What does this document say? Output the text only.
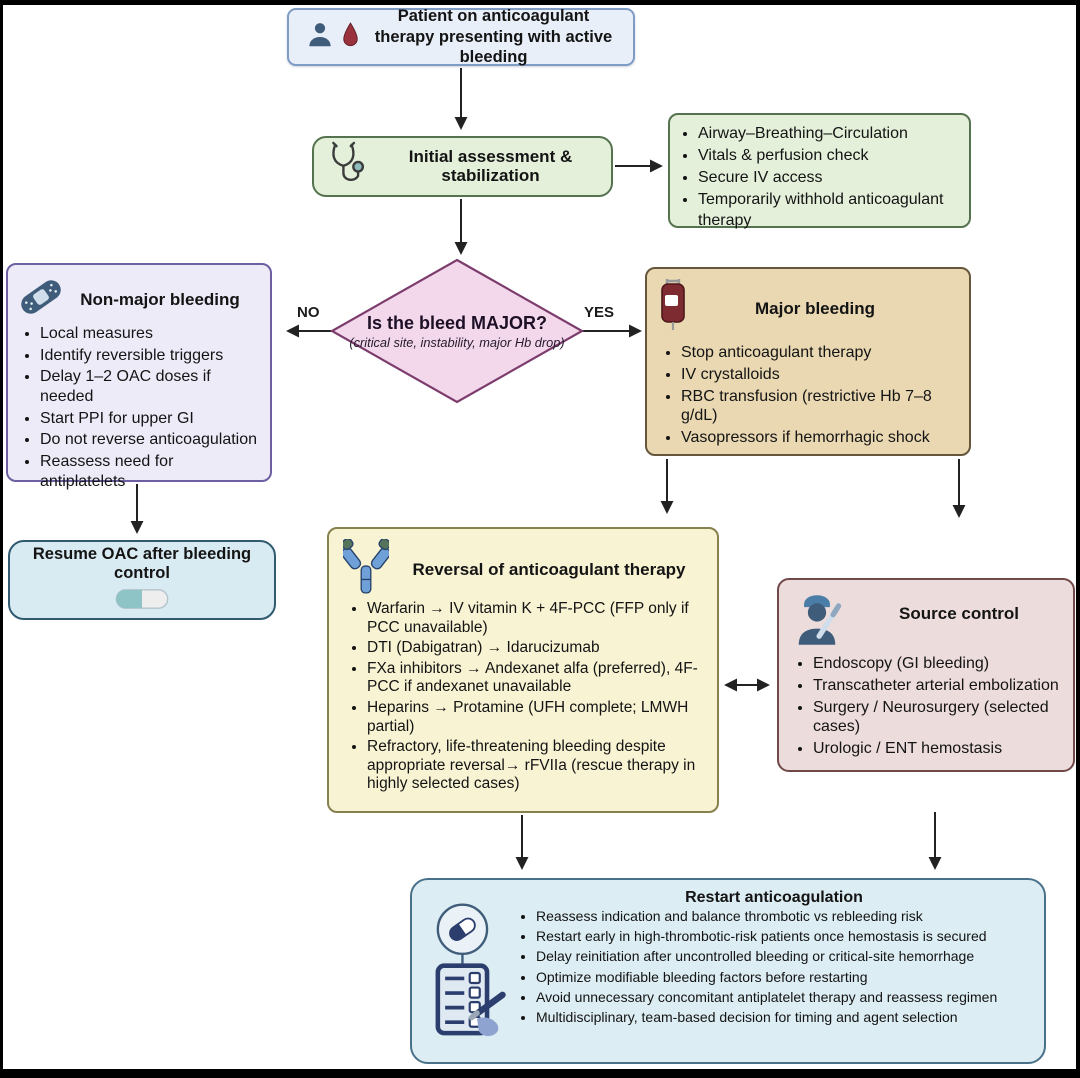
Patient on anticoagulant therapy presenting with active bleeding
Initial assessment & stabilization
• Airway–Breathing–Circulation
• Vitals & perfusion check
• Secure IV access
• Temporarily withhold anticoagulant therapy
Is the bleed MAJOR?
(critical site, instability, major Hb drop)
NO	YES
Non-major bleeding
• Local measures
• Identify reversible triggers
• Delay 1–2 OAC doses if needed
• Start PPI for upper GI
• Do not reverse anticoagulation
• Reassess need for antiplatelets
Major bleeding
• Stop anticoagulant therapy
• IV crystalloids
• RBC transfusion (restrictive Hb 7–8 g/dL)
• Vasopressors if hemorrhagic shock
Resume OAC after bleeding control	Reversal of anticoagulant therapy
• Warfarin → IV vitamin K + 4F-PCC (FFP only if PCC unavailable)
• DTI (Dabigatran) → Idarucizumab
• FXa inhibitors → Andexanet alfa (preferred), 4F-PCC if andexanet unavailable
• Heparins → Protamine (UFH complete; LMWH partial)
• Refractory, life-threatening bleeding despite appropriate reversal→ rFVIIa (rescue therapy in highly selected cases)
Source control
• Endoscopy (GI bleeding)
• Transcatheter arterial embolization
• Surgery / Neurosurgery (selected cases)
• Urologic / ENT hemostasis
Restart anticoagulation
• Reassess indication and balance thrombotic vs rebleeding risk
• Restart early in high-thrombotic-risk patients once hemostasis is secured
• Delay reinitiation after uncontrolled bleeding or critical-site hemorrhage
• Optimize modifiable bleeding factors before restarting
• Avoid unnecessary concomitant antiplatelet therapy and reassess regimen
• Multidisciplinary, team-based decision for timing and agent selection
